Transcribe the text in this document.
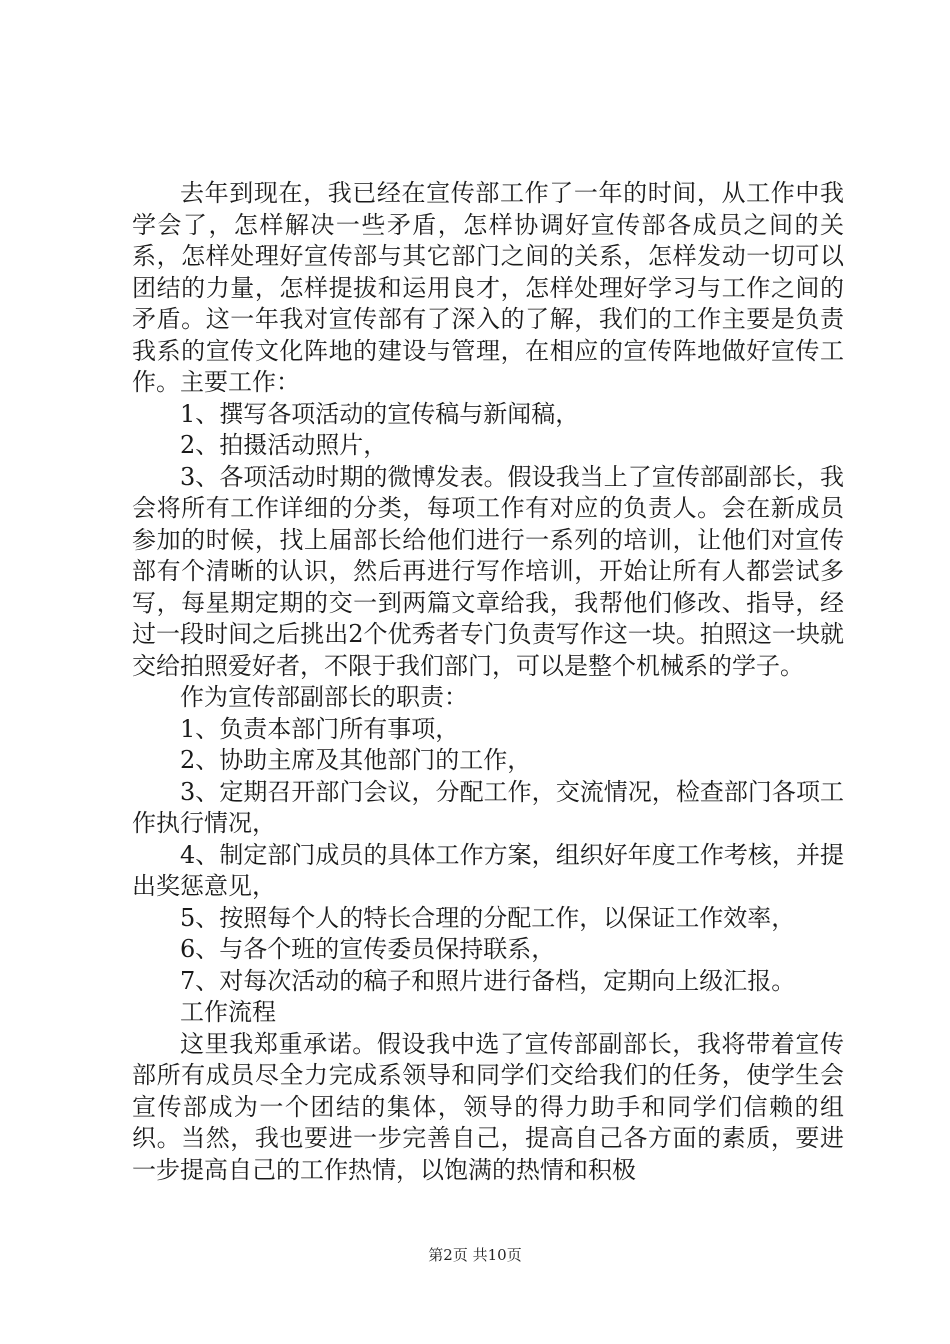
去年到现在，我已经在宣传部工作了一年的时间，从工作中我学会了，怎样解决一些矛盾，怎样协调好宣传部各成员之间的关系，怎样处理好宣传部与其它部门之间的关系，怎样发动一切可以团结的力量，怎样提拔和运用良才，怎样处理好学习与工作之间的矛盾。这一年我对宣传部有了深入的了解，我们的工作主要是负责我系的宣传文化阵地的建设与管理，在相应的宣传阵地做好宣传工作。主要工作：

1、撰写各项活动的宣传稿与新闻稿，

2、拍摄活动照片，

3、各项活动时期的微博发表。假设我当上了宣传部副部长，我会将所有工作详细的分类，每项工作有对应的负责人。会在新成员参加的时候，找上届部长给他们进行一系列的培训，让他们对宣传部有个清晰的认识，然后再进行写作培训，开始让所有人都尝试多写，每星期定期的交一到两篇文章给我，我帮他们修改、指导，经过一段时间之后挑出2个优秀者专门负责写作这一块。拍照这一块就交给拍照爱好者，不限于我们部门，可以是整个机械系的学子。

作为宣传部副部长的职责：

1、负责本部门所有事项，

2、协助主席及其他部门的工作，

3、定期召开部门会议，分配工作，交流情况，检查部门各项工作执行情况，

4、制定部门成员的具体工作方案，组织好年度工作考核，并提出奖惩意见，

5、按照每个人的特长合理的分配工作，以保证工作效率，

6、与各个班的宣传委员保持联系，

7、对每次活动的稿子和照片进行备档，定期向上级汇报。

工作流程

这里我郑重承诺。假设我中选了宣传部副部长，我将带着宣传部所有成员尽全力完成系领导和同学们交给我们的任务，使学生会宣传部成为一个团结的集体，领导的得力助手和同学们信赖的组织。当然，我也要进一步完善自己，提高自己各方面的素质，要进一步提高自己的工作热情，以饱满的热情和积极

第2页 共10页
